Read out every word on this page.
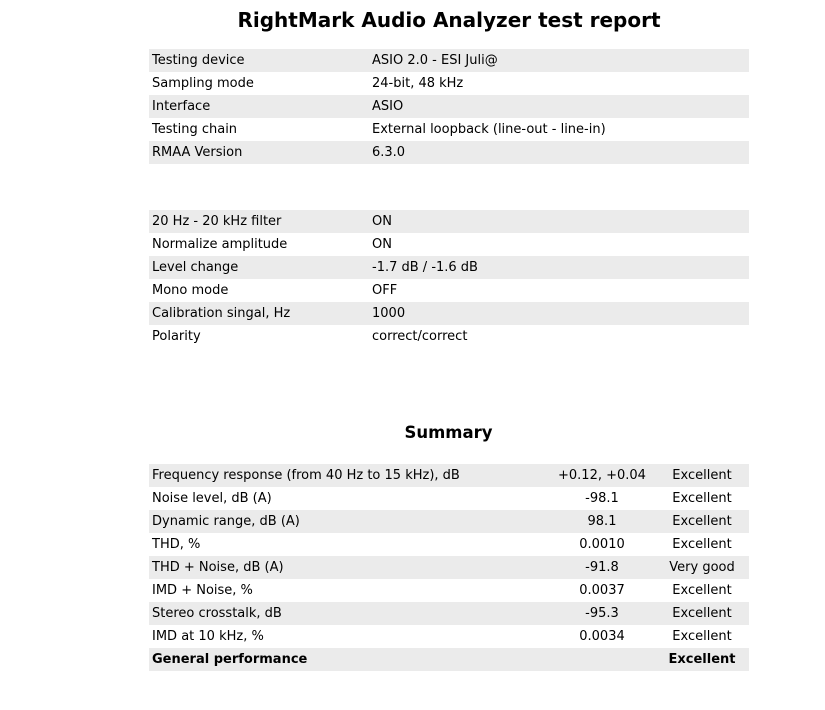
RightMark Audio Analyzer test report
Testing device	ASIO 2.0 - ESI Juli@
Sampling mode	24-bit, 48 kHz
Interface	ASIO
Testing chain	External loopback (line-out - line-in)
RMAA Version	6.3.0
20 Hz - 20 kHz filter	ON
Normalize amplitude	ON
Level change	-1.7 dB / -1.6 dB
Mono mode	OFF
Calibration singal, Hz	1000
Polarity	correct/correct
Summary
Frequency response (from 40 Hz to 15 kHz), dB	+0.12, +0.04	Excellent
Noise level, dB (A)	-98.1	Excellent
Dynamic range, dB (A)	98.1	Excellent
THD, %	0.0010	Excellent
THD + Noise, dB (A)	-91.8	Very good
IMD + Noise, %	0.0037	Excellent
Stereo crosstalk, dB	-95.3	Excellent
IMD at 10 kHz, %	0.0034	Excellent
General performance		Excellent
